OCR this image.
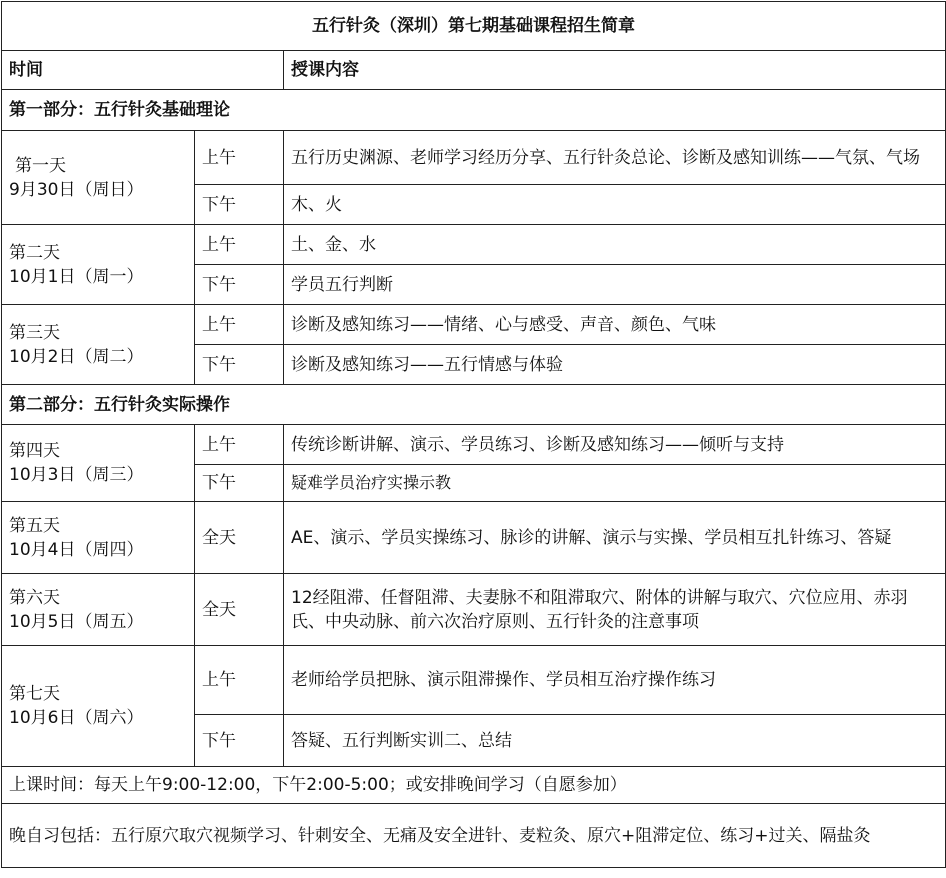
五行针灸（深圳）第七期基础课程招生简章		
时间		授课内容
第一部分：五行针灸基础理论		

第一天
9月30日（周日）	上午	五行历史渊源、老师学习经历分享、五行针灸总论、诊断及感知训练——气氛、气场
	下午	木、火

第二天
10月1日（周一）	上午	土、金、水
	下午	学员五行判断

第三天
10月2日（周二）	上午	诊断及感知练习——情绪、心与感受、声音、颜色、气味
	下午	诊断及感知练习——五行情感与体验
第二部分：五行针灸实际操作		

第四天
10月3日（周三）	上午	传统诊断讲解、演示、学员练习、诊断及感知练习——倾听与支持
	下午	疑难学员治疗实操示教

第五天
10月4日（周四）	全天	AE、演示、学员实操练习、脉诊的讲解、演示与实操、学员相互扎针练习、答疑

第六天
10月5日（周五）	全天	12经阻滞、任督阻滞、夫妻脉不和阻滞取穴、附体的讲解与取穴、穴位应用、赤羽氏、中央动脉、前六次治疗原则、五行针灸的注意事项

第七天
10月6日（周六）	上午	老师给学员把脉、演示阻滞操作、学员相互治疗操作练习
	下午	答疑、五行判断实训二、总结
上课时间：每天上午9:00-12:00，下午2:00-5:00；或安排晚间学习（自愿参加）		
晚自习包括：五行原穴取穴视频学习、针刺安全、无痛及安全进针、麦粒灸、原穴+阻滞定位、练习+过关、隔盐灸		
